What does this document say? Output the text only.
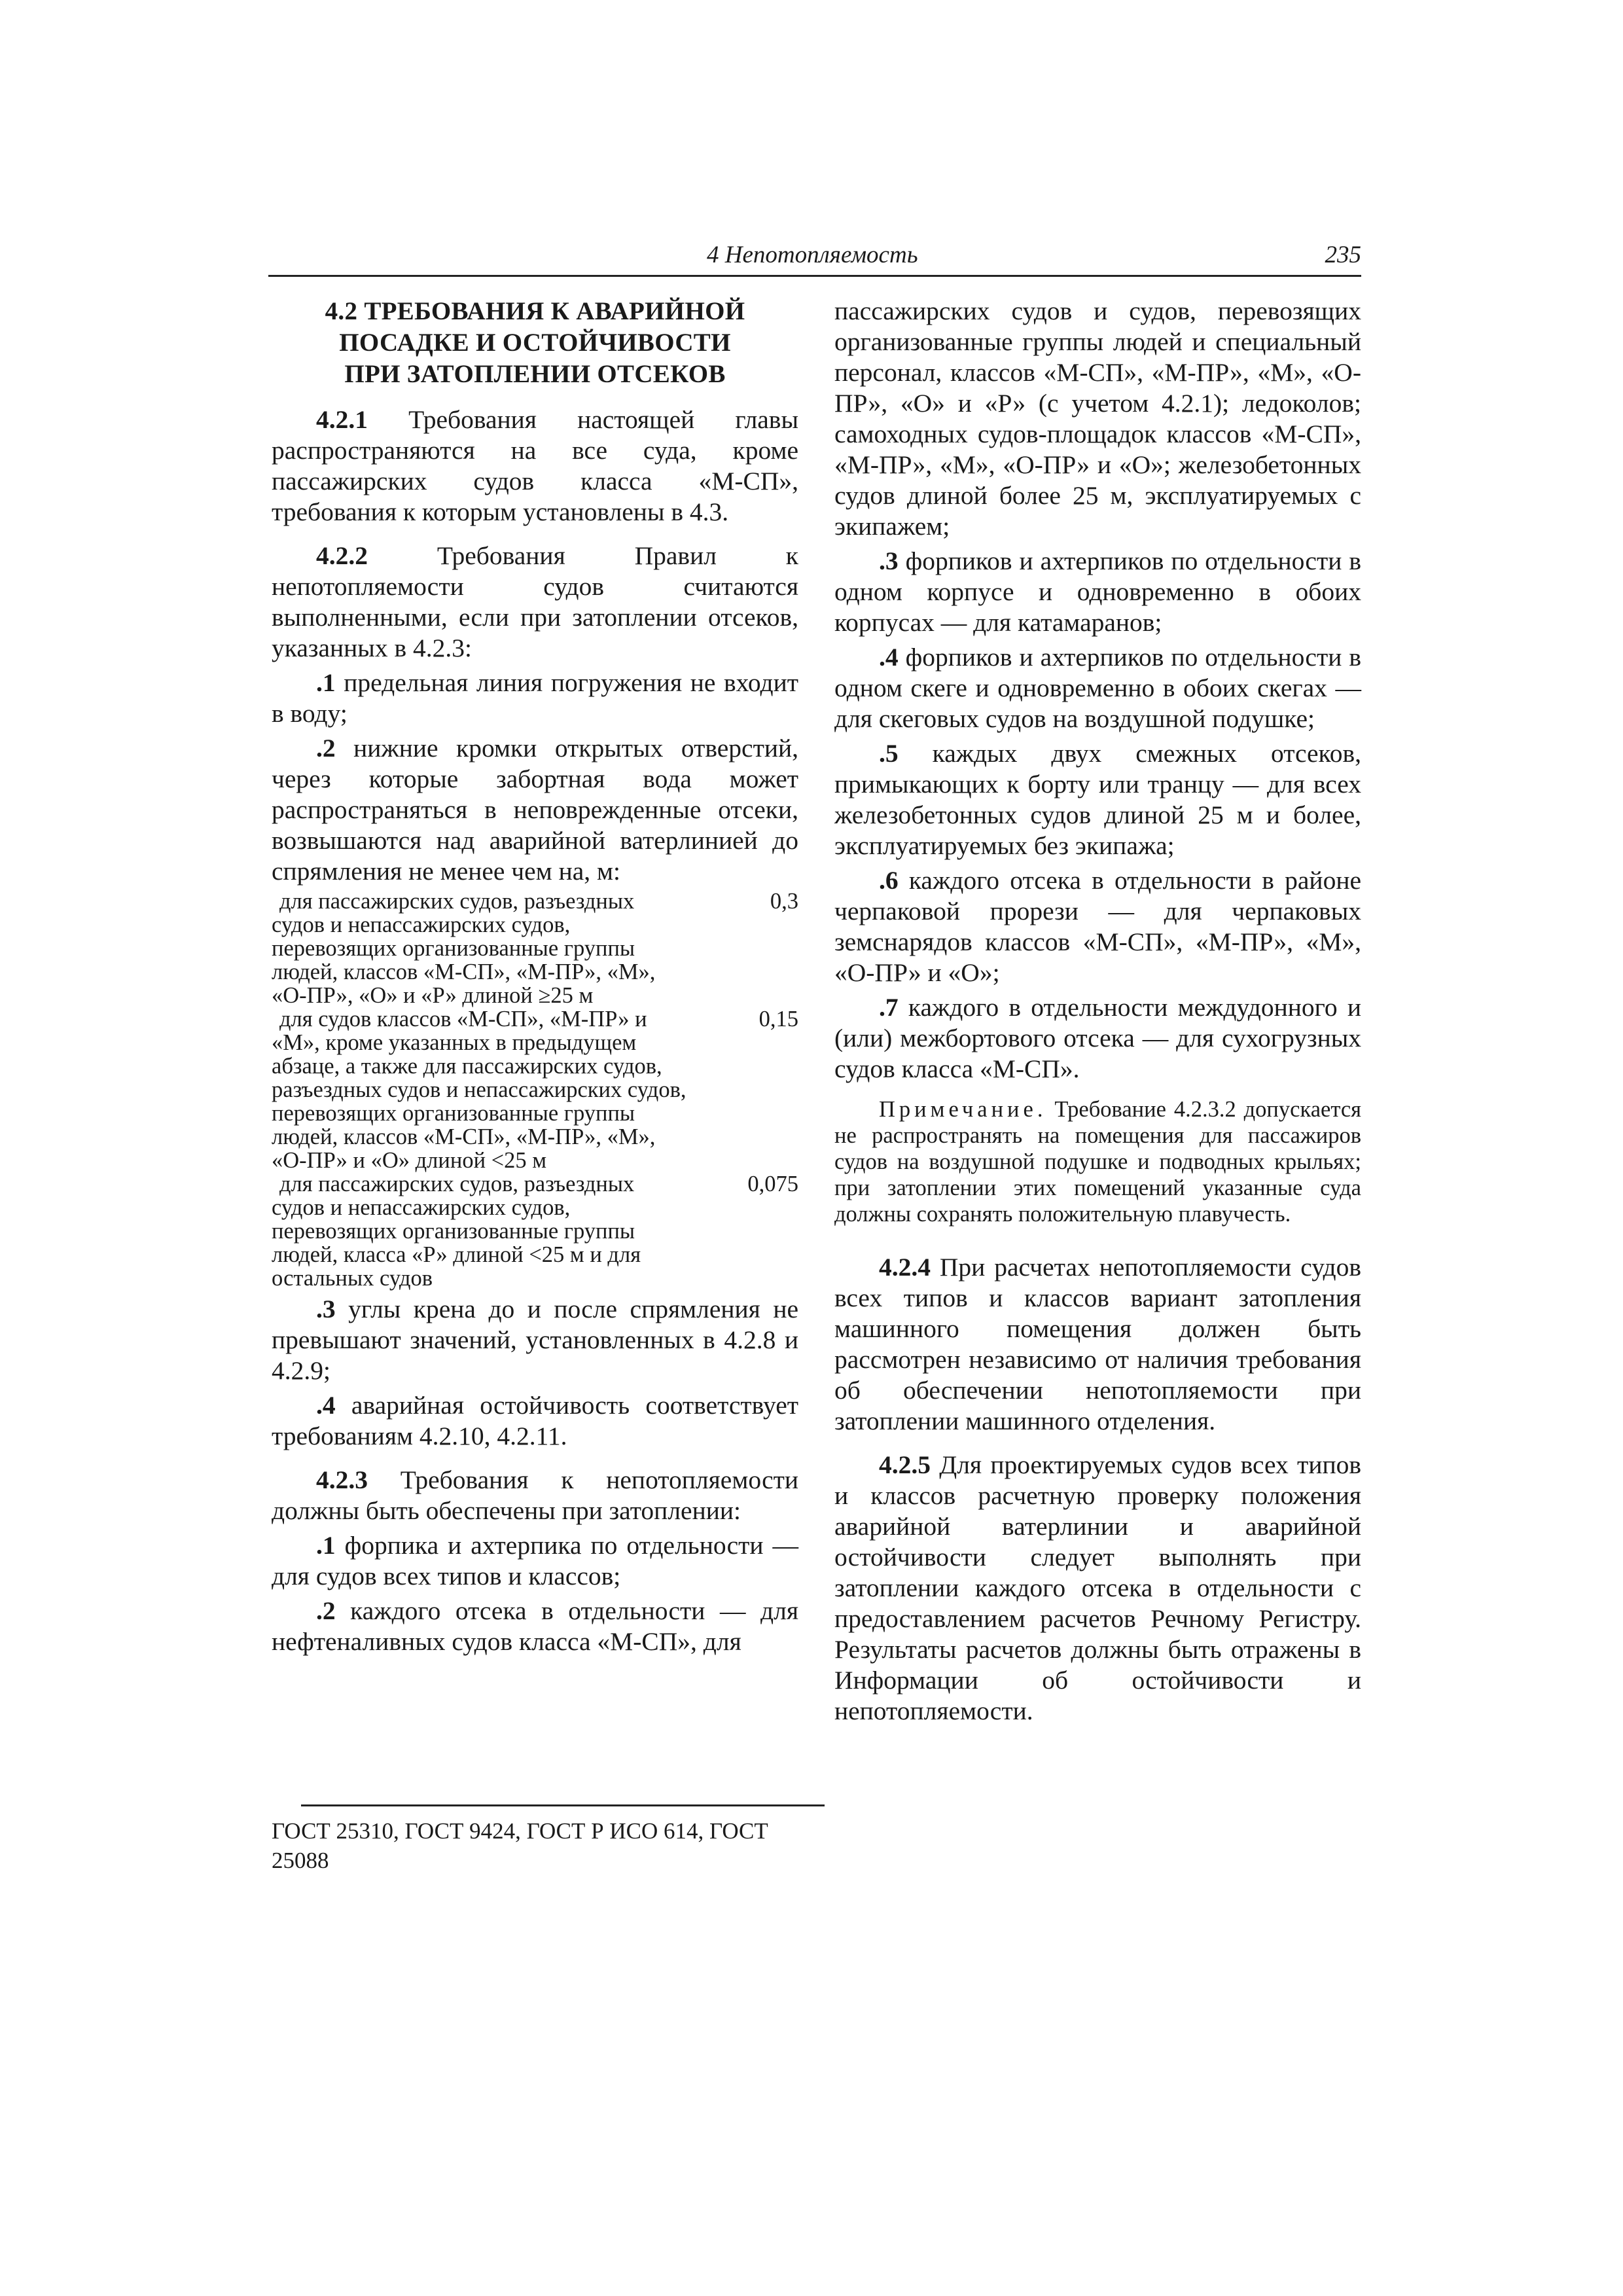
4 Непотопляемость	235
4.2 ТРЕБОВАНИЯ К АВАРИЙНОЙ
ПОСАДКЕ И ОСТОЙЧИВОСТИ
ПРИ ЗАТОПЛЕНИИ ОТСЕКОВ

4.2.1 Требования настоящей главы распространяются на все суда, кроме пассажирских судов класса «М-СП», требования к которым установлены в 4.3.

4.2.2 Требования Правил к непотопляемости судов считаются выполненными, если при затоплении отсеков, указанных в 4.2.3:

.1 предельная линия погружения не входит в воду;

.2 нижние кромки открытых отверстий, через которые забортная вода может распространяться в неповрежденные отсеки, возвышаются над аварийной ватерлинией до спрямления не менее чем на, м:

для пассажирских судов, разъездных судов и непассажирских судов, перевозящих организованные группы людей, классов «М-СП», «М-ПР», «М», «О-ПР», «О» и «Р» длиной ≥25 м
0,3
для судов классов «М-СП», «М-ПР» и «М», кроме указанных в предыдущем абзаце, а также для пассажирских судов, разъездных судов и непассажирских судов, перевозящих организованные группы людей, классов «М-СП», «М-ПР», «М», «О-ПР» и «О» длиной <25 м
0,15
для пассажирских судов, разъездных судов и непассажирских судов, перевозящих организованные группы людей, класса «Р» длиной <25 м и для остальных судов
0,075

.3 углы крена до и после спрямления не превышают значений, установленных в 4.2.8 и 4.2.9;

.4 аварийная остойчивость соответствует требованиям 4.2.10, 4.2.11.

4.2.3 Требования к непотопляемости должны быть обеспечены при затоплении:

.1 форпика и ахтерпика по отдельности — для судов всех типов и классов;

.2 каждого отсека в отдельности — для нефтеналивных судов класса «М-СП», для

ГОСТ 25310, ГОСТ 9424, ГОСТ Р ИСО 614, ГОСТ 25088

пассажирских судов и судов, перевозящих организованные группы людей и специальный персонал, классов «М-СП», «М-ПР», «М», «О-ПР», «О» и «Р» (с учетом 4.2.1); ледоколов; самоходных судов-площадок классов «М-СП», «М-ПР», «М», «О-ПР» и «О»; железобетонных судов длиной более 25 м, эксплуатируемых с экипажем;

.3 форпиков и ахтерпиков по отдельности в одном корпусе и одновременно в обоих корпусах — для катамаранов;

.4 форпиков и ахтерпиков по отдельности в одном скеге и одновременно в обоих скегах — для скеговых судов на воздушной подушке;

.5 каждых двух смежных отсеков, примыкающих к борту или транцу — для всех железобетонных судов длиной 25 м и более, эксплуатируемых без экипажа;

.6 каждого отсека в отдельности в районе черпаковой прорези — для черпаковых земснарядов классов «М-СП», «М-ПР», «М», «О-ПР» и «О»;

.7 каждого в отдельности междудонного и (или) межбортового отсека — для сухогрузных судов класса «М-СП».

Примечание. Требование 4.2.3.2 допускается не распространять на помещения для пассажиров судов на воздушной подушке и подводных крыльях; при затоплении этих помещений указанные суда должны сохранять положительную плавучесть.

4.2.4 При расчетах непотопляемости судов всех типов и классов вариант затопления машинного помещения должен быть рассмотрен независимо от наличия требования об обеспечении непотопляемости при затоплении машинного отделения.

4.2.5 Для проектируемых судов всех типов и классов расчетную проверку положения аварийной ватерлинии и аварийной остойчивости следует выполнять при затоплении каждого отсека в отдельности с предоставлением расчетов Речному Регистру. Результаты расчетов должны быть отражены в Информации об остойчивости и непотопляемости.
